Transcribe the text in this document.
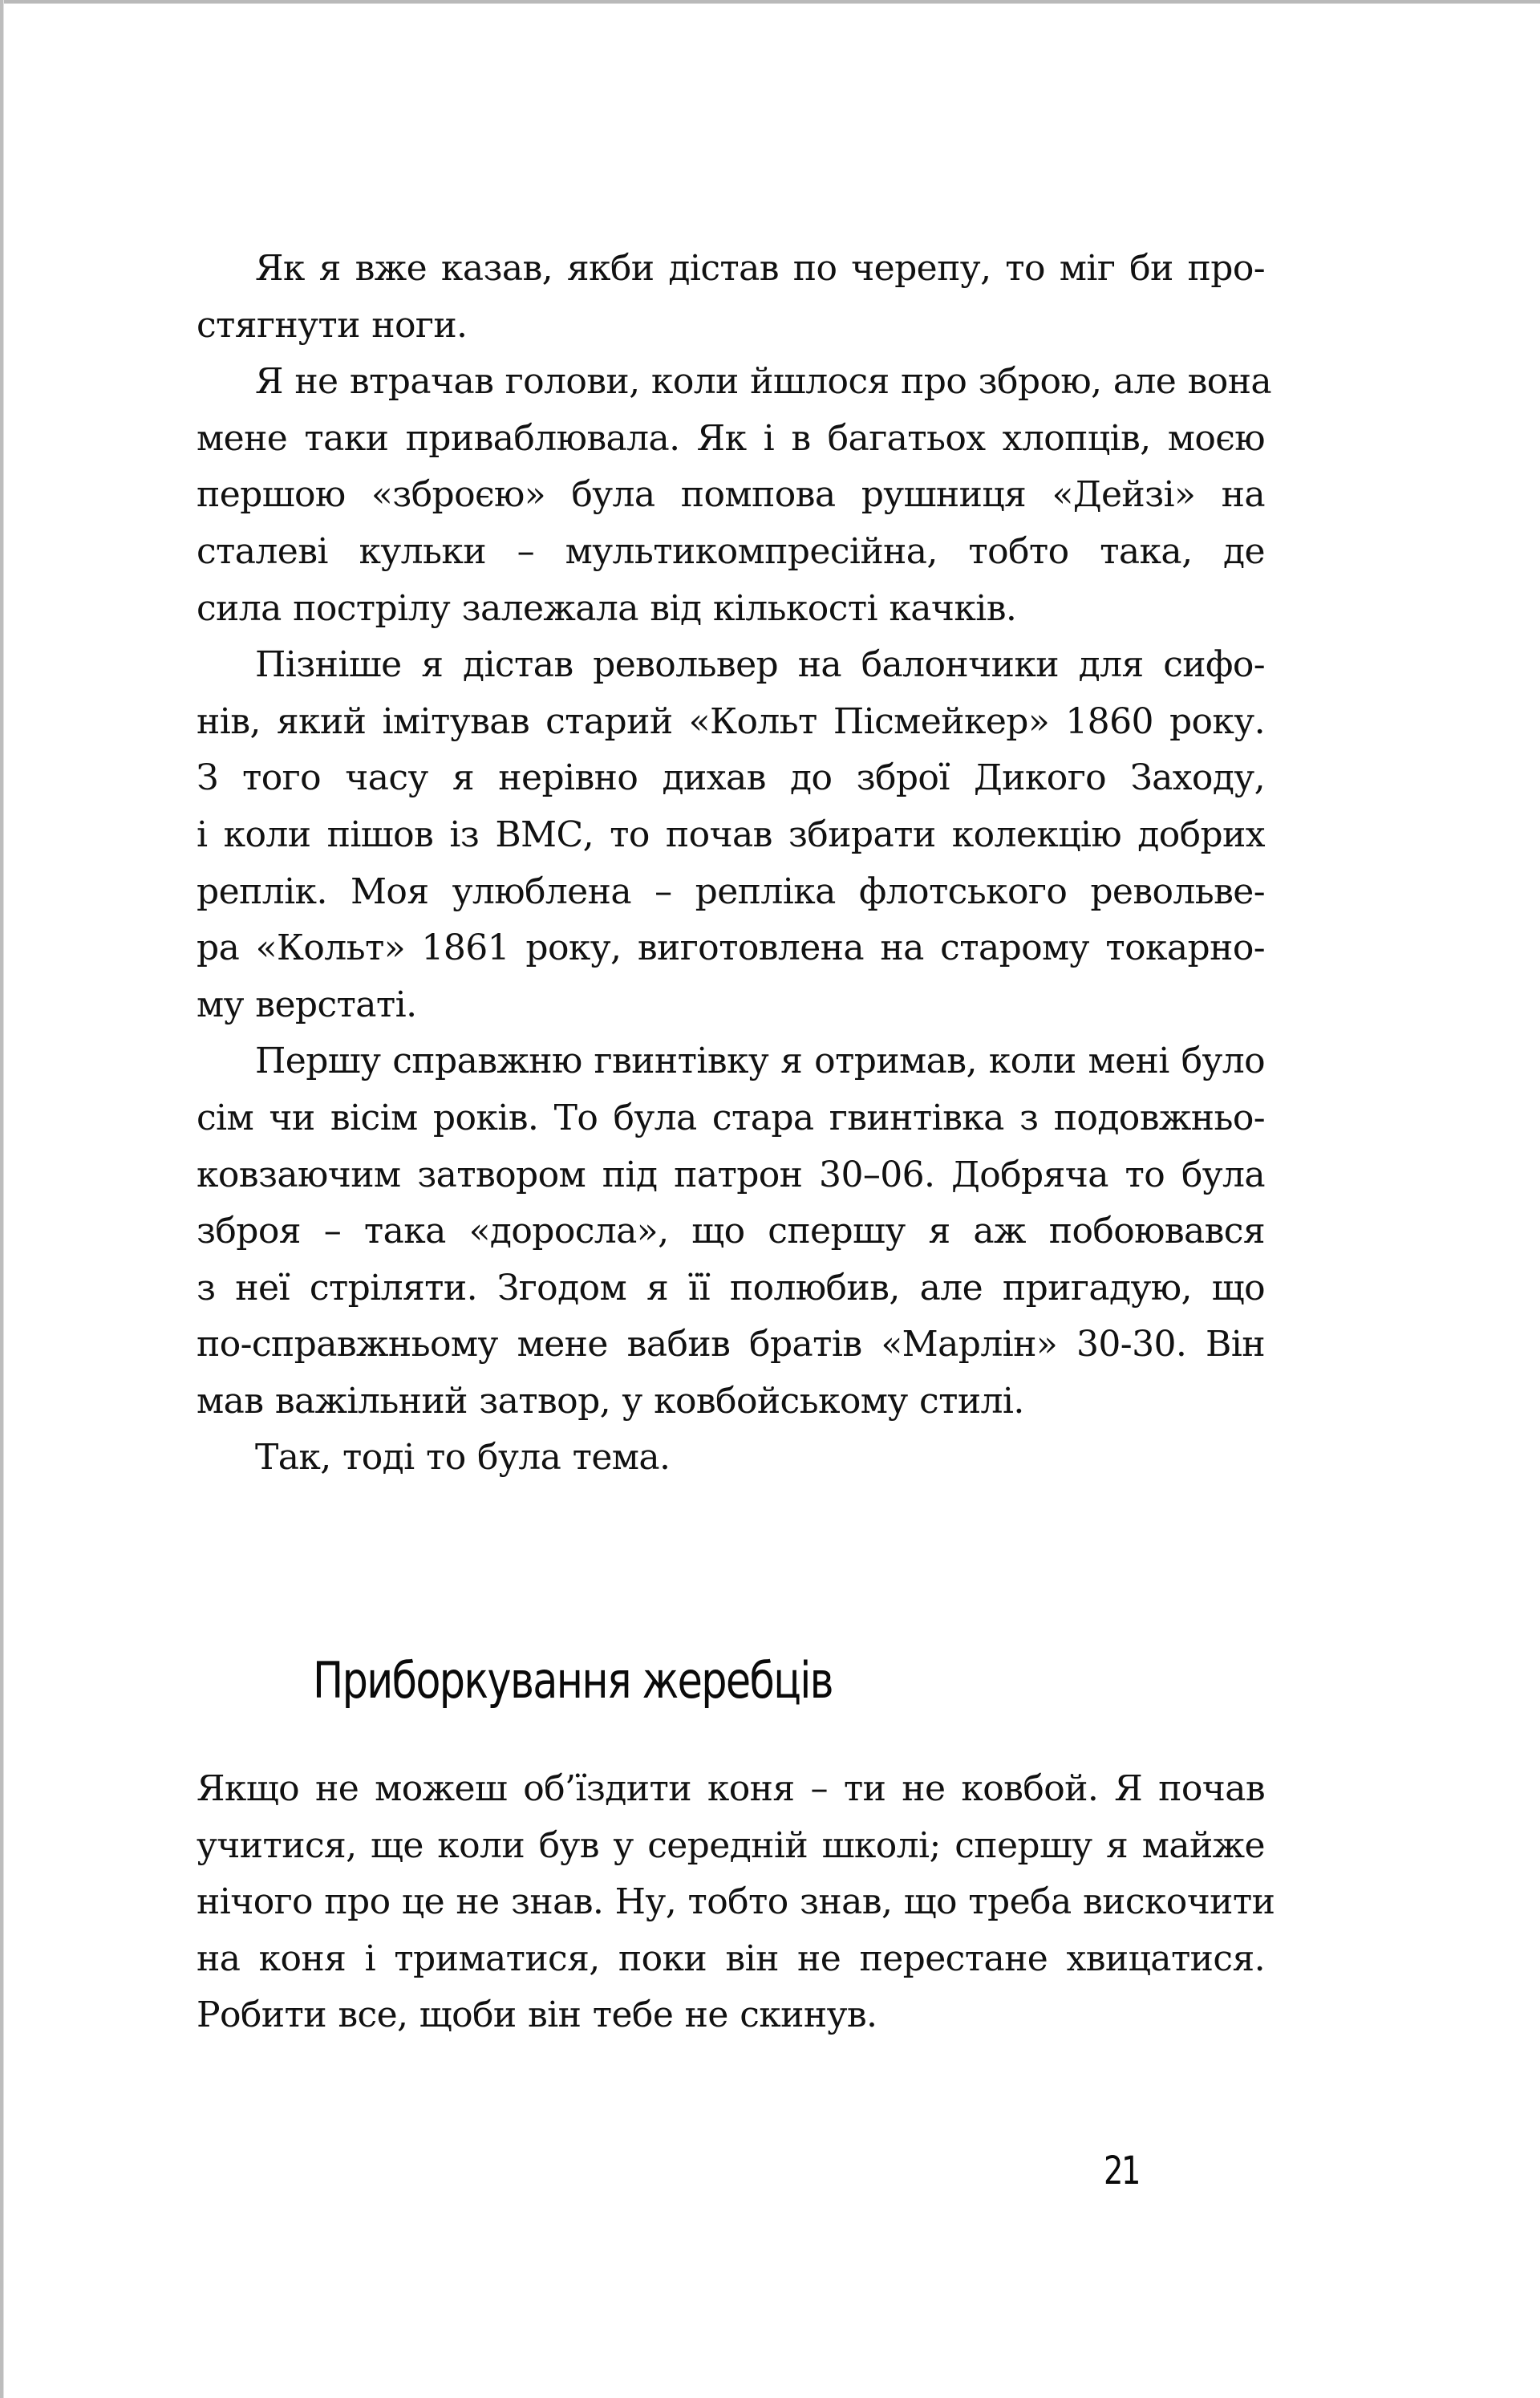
Як я вже казав, якби дістав по черепу, то міг би про-
стягнути ноги.
Я не втрачав голови, коли йшлося про зброю, але вона
мене таки приваблювала. Як і в багатьох хлопців, моєю
першою «зброєю» була помпова рушниця «Дейзі» на
сталеві кульки – мультикомпресійна, тобто така, де
сила пострілу залежала від кількості качків.
Пізніше я дістав револьвер на балончики для сифо-
нів, який імітував старий «Кольт Пісмейкер» 1860 року.
З того часу я нерівно дихав до зброї Дикого Заходу,
і коли пішов із ВМС, то почав збирати колекцію добрих
реплік. Моя улюблена – репліка флотського револьве-
ра «Кольт» 1861 року, виготовлена на старому токарно-
му верстаті.
Першу справжню гвинтівку я отримав, коли мені було
сім чи вісім років. То була стара гвинтівка з подовжньо-
ковзаючим затвором під патрон 30–06. Добряча то була
зброя – така «доросла», що спершу я аж побоювався
з неї стріляти. Згодом я її полюбив, але пригадую, що
по-справжньому мене вабив братів «Марлін» 30-30. Він
мав важільний затвор, у ковбойському стилі.
Так, тоді то була тема.
Приборкування жеребців
Якщо не можеш об’їздити коня – ти не ковбой. Я почав
учитися, ще коли був у середній школі; спершу я майже
нічого про це не знав. Ну, тобто знав, що треба вискочити
на коня і триматися, поки він не перестане хвицатися.
Робити все, щоби він тебе не скинув.
21
